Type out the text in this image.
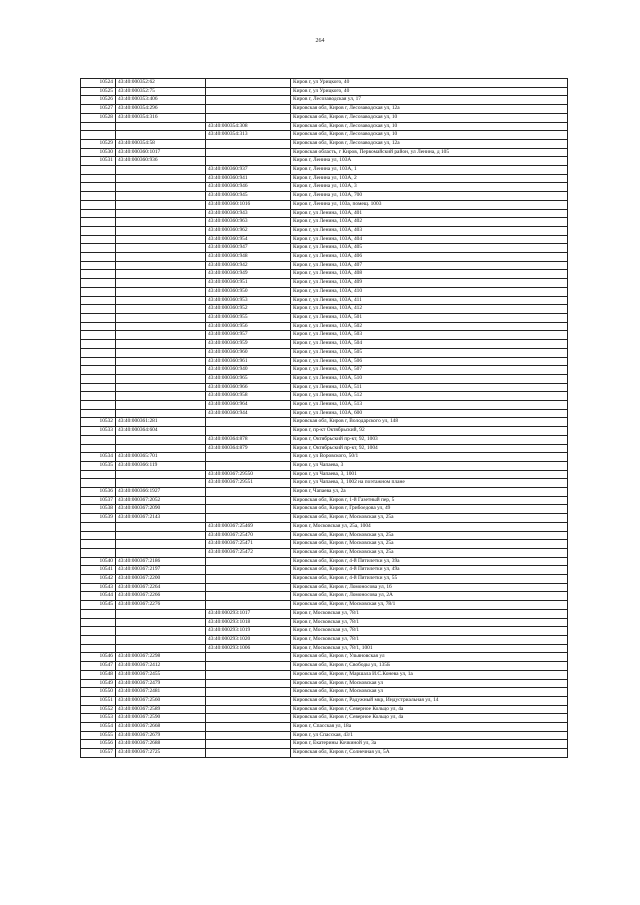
264
10524	43:40:000352:62		Киров г, ул Урицкого, 40
10525	43:40:000352:75		Киров г, ул Урицкого, 40
10526	43:40:000353:406		Киров г, Лесозаводская ул, 17
10527	43:40:000354:296		Кировская обл, Киров г, Лесозаводская ул, 12а
10528	43:40:000354:316		Кировская обл, Киров г, Лесозаводская ул, 10
		43:40:000354:308	Кировская обл, Киров г, Лесозаводская ул, 10
		43:40:000354:313	Кировская обл, Киров г, Лесозаводская ул, 10
10529	43:40:000354:58		Кировская обл, Киров г, Лесозаводская ул, 12а
10530	43:40:000360:1017		Кировская область, г Киров, Первомайский район, ул Ленина, д 105
10531	43:40:000360:936		Киров г, Ленина ул, 103А
		43:40:000360:937	Киров г, Ленина ул, 103А, 1
		43:40:000360:941	Киров г, Ленина ул, 103А, 2
		43:40:000360:946	Киров г, Ленина ул, 103А, 3
		43:40:000360:945	Киров г, Ленина ул, 103А, 700
		43:40:000360:1016	Киров г, Ленина ул, 103а, помещ. 1003
		43:40:000360:943	Киров г, ул Ленина, 103А, 401
		43:40:000360:963	Киров г, ул Ленина, 103А, 402
		43:40:000360:962	Киров г, ул Ленина, 103А, 403
		43:40:000360:954	Киров г, ул Ленина, 103А, 404
		43:40:000360:947	Киров г, ул Ленина, 103А, 405
		43:40:000360:948	Киров г, ул Ленина, 103А, 406
		43:40:000360:942	Киров г, ул Ленина, 103А, 407
		43:40:000360:949	Киров г, ул Ленина, 103А, 408
		43:40:000360:951	Киров г, ул Ленина, 103А, 409
		43:40:000360:950	Киров г, ул Ленина, 103А, 410
		43:40:000360:953	Киров г, ул Ленина, 103А, 411
		43:40:000360:952	Киров г, ул Ленина, 103А, 412
		43:40:000360:955	Киров г, ул Ленина, 103А, 501
		43:40:000360:956	Киров г, ул Ленина, 103А, 502
		43:40:000360:957	Киров г, ул Ленина, 103А, 503
		43:40:000360:959	Киров г, ул Ленина, 103А, 504
		43:40:000360:960	Киров г, ул Ленина, 103А, 505
		43:40:000360:961	Киров г, ул Ленина, 103А, 506
		43:40:000360:940	Киров г, ул Ленина, 103А, 507
		43:40:000360:965	Киров г, ул Ленина, 103А, 510
		43:40:000360:966	Киров г, ул Ленина, 103А, 511
		43:40:000360:958	Киров г, ул Ленина, 103А, 512
		43:40:000360:964	Киров г, ул Ленина, 103А, 513
		43:40:000360:944	Киров г, ул Ленина, 103А, 600
10532	43:40:000361:281		Кировская обл, Киров г, Володарского ул, 148
10533	43:40:000364:604		Киров г, пр-кт Октябрьский, 92
		43:40:000364:878	Киров г, Октябрьский пр-кт, 92, 1003
		43:40:000364:879	Киров г, Октябрьский пр-кт, 92, 1004
10534	43:40:000365:701		Киров г, ул Воровского, 50/1
10535	43:40:000366:119		Киров г, ул Чапаева, 3
		43:40:000367:29550	Киров г, ул Чапаева, 3, 1001
		43:40:000367:29551	Киров г, ул Чапаева, 3, 1002 на поэтажном плане
10536	43:40:000366:1927		Киров г, Чапаева ул, 2а
10537	43:40:000367:2052		Кировская обл, Киров г, 1-й Газетный пер, 5
10538	43:40:000367:2090		Кировская обл, Киров г, Грибоедова ул, 49
10539	43:40:000367:2143		Кировская обл, Киров г, Московская ул, 25а
		43:40:000367:25469	Киров г, Московская ул, 25а, 1004
		43:40:000367:25470	Кировская обл, Киров г, Московская ул, 25а
		43:40:000367:25471	Кировская обл, Киров г, Московская ул, 25а
		43:40:000367:25472	Кировская обл, Киров г, Московская ул, 25а
10540	43:40:000367:2186		Кировская обл, Киров г, 4-й Пятилетки ул, 39а
10541	43:40:000367:2197		Кировская обл, Киров г, 4-й Пятилетки ул, 49а
10542	43:40:000367:2200		Кировская обл, Киров г, 4-й Пятилетки ул, 55
10543	43:40:000367:2264		Кировская обл, Киров г, Ломоносова ул, 16
10544	43:40:000367:2266		Кировская обл, Киров г, Ломоносова ул, 2А
10545	43:40:000367:2276		Кировская обл, Киров г, Московская ул, 78/1
		43:40:000293:1017	Киров г, Московская ул, 78/1
		43:40:000293:1018	Киров г, Московская ул, 78/1
		43:40:000293:1019	Киров г, Московская ул, 78/1
		43:40:000293:1020	Киров г, Московская ул, 78/1
		43:40:000293:1006	Киров г, Московская ул, 78/1, 1001
10546	43:40:000367:2298		Кировская обл, Киров г, Ульяновская ул
10547	43:40:000367:2412		Кировская обл, Киров г, Свободы ул, 135Б
10548	43:40:000367:2455		Кировская обл, Киров г, Маршала И.С.Конева ул, 1а
10549	43:40:000367:2479		Кировская обл, Киров г, Московская ул
10550	43:40:000367:2481		Кировская обл, Киров г, Московская ул
10551	43:40:000367:2560		Кировская обл, Киров г, Радужный мкр, Индустриальная ул, 14
10552	43:40:000367:2589		Кировская обл, Киров г, Северное Кольцо ул, 4а
10553	43:40:000367:2590		Кировская обл, Киров г, Северное Кольцо ул, 4а
10554	43:40:000367:2668		Киров г, Спасская ул, 18а
10555	43:40:000367:2679		Киров г, ул Спасская, 43/1
10556	43:40:000367:2688		Киров г, Екатерины Кочкиной ул, 3а
10557	43:40:000367:2725		Кировская обл, Киров г, Солнечная ул, 5А
